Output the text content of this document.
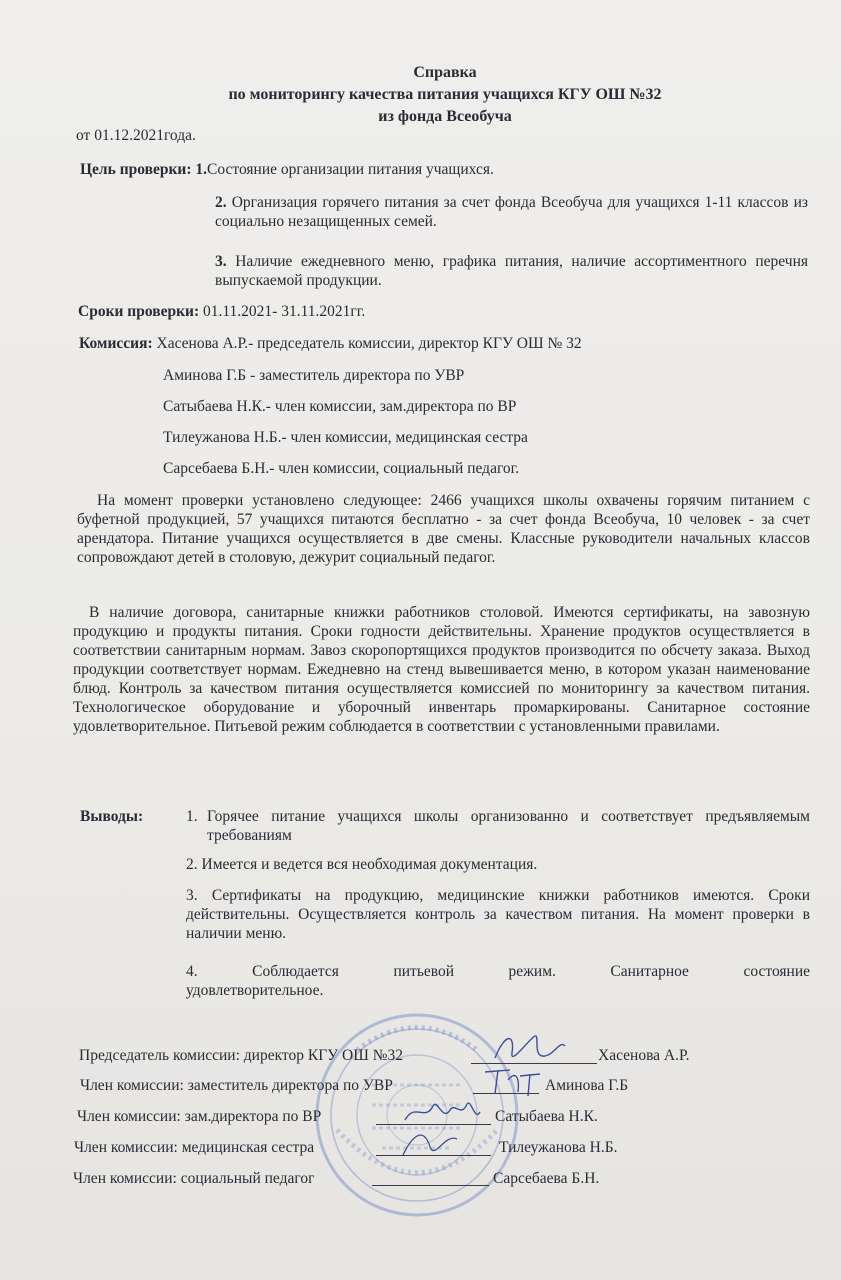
Справка

по мониторингу качества питания учащихся КГУ ОШ №32

из фонда Всеобуча

от 01.12.2021года.

Цель проверки: 1.Состояние организации питания учащихся.

2. Организация горячего питания за счет фонда Всеобуча для учащихся 1-11 классов из социально незащищенных семей.

3. Наличие ежедневного меню, графика питания, наличие ассортиментного перечня выпускаемой продукции.

Сроки проверки: 01.11.2021- 31.11.2021гг.

Комиссия: Хасенова А.Р.- председатель комиссии, директор КГУ ОШ № 32

Аминова Г.Б - заместитель директора по УВР

Сатыбаева Н.К.- член комиссии, зам.директора по ВР

Тилеужанова Н.Б.- член комиссии, медицинская сестра

Сарсебаева Б.Н.- член комиссии, социальный педагог.

На момент проверки установлено следующее: 2466 учащихся школы охвачены горячим питанием с буфетной продукцией, 57 учащихся питаются бесплатно - за счет фонда Всеобуча, 10 человек - за счет арендатора. Питание учащихся осуществляется в две смены. Классные руководители начальных классов сопровождают детей в столовую, дежурит социальный педагог.

В наличие договора, санитарные книжки работников столовой. Имеются сертификаты, на завозную продукцию и продукты питания. Сроки годности действительны. Хранение продуктов осуществляется в соответствии санитарным нормам. Завоз скоропортящихся продуктов производится по обсчету заказа. Выход продукции соответствует нормам. Ежедневно на стенд вывешивается меню, в котором указан наименование блюд. Контроль за качеством питания осуществляется комиссией по мониторингу за качеством питания. Технологическое оборудование и уборочный инвентарь промаркированы. Санитарное состояние удовлетворительное. Питьевой режим соблюдается в соответствии с установленными правилами.

Выводы:	1. Горячее питание учащихся школы организованно и соответствует предъявляемым требованиям

2. Имеется и ведется вся необходимая документация.

3. Сертификаты на продукцию, медицинские книжки работников имеются. Сроки действительны. Осуществляется контроль за качеством питания. На момент проверки в наличии меню.

4.	Соблюдается питьевой режим. Санитарное состояние удовлетворительное.

Председатель комиссии: директор КГУ ОШ №32	Хасенова А.Р.

Член комиссии: заместитель директора по УВР	Аминова Г.Б

Член комиссии: зам.директора по ВР	Сатыбаева Н.К.

Член комиссии: медицинская сестра	Тилеужанова Н.Б.

Член комиссии: социальный педагог	Сарсебаева Б.Н.
